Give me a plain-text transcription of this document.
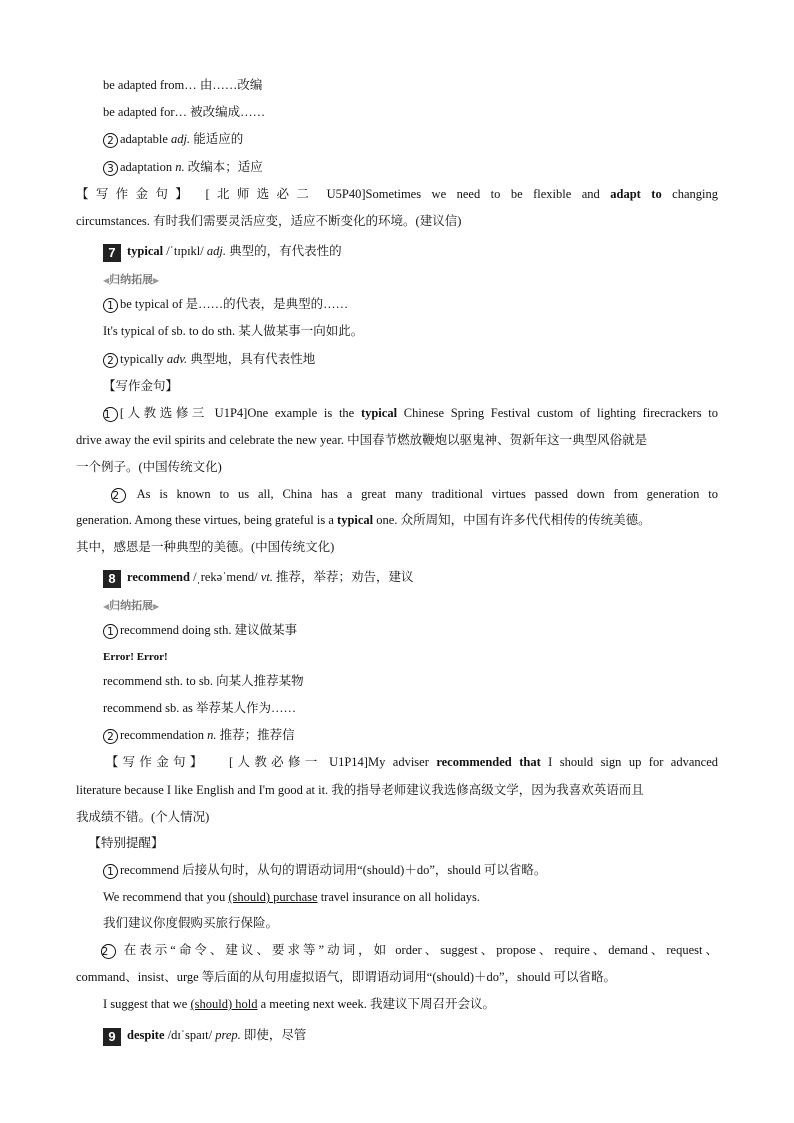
be adapted from… 由……改编
be adapted for… 被改编成……
2 adaptable adj. 能适应的
3 adaptation n. 改编本；适应
【写作金句】 [北师选必二 U5P40]Sometimes we need to be flexible and adapt to changing
circumstances. 有时我们需要灵活应变，适应不断变化的环境。(建议信)
7 typical /ˈtɪpɪkl/ adj. 典型的，有代表性的
◀归纳拓展▶
1 be typical of 是……的代表，是典型的……
It's typical of sb. to do sth. 某人做某事一向如此。
2 typically adv. 典型地，具有代表性地
【写作金句】
1 [人教选修三 U1P4]One example is the typical Chinese Spring Festival custom of lighting firecrackers to
drive away the evil spirits and celebrate the new year. 中国春节燃放鞭炮以驱鬼神、贺新年这一典型风俗就是
一个例子。(中国传统文化)
2 As is known to us all, China has a great many traditional virtues passed down from generation to
generation. Among these virtues, being grateful is a typical one. 众所周知，中国有许多代代相传的传统美德。
其中，感恩是一种典型的美德。(中国传统文化)
8 recommend /ˌrekəˈmend/ vt. 推荐，举荐；劝告，建议
◀归纳拓展▶
1 recommend doing sth. 建议做某事
Error! Error!
recommend sth. to sb. 向某人推荐某物
recommend sb. as 举荐某人作为……
2 recommendation n. 推荐；推荐信
【写作金句】 [人教必修一 U1P14]My adviser recommended that I should sign up for advanced
literature because I like English and I'm good at it. 我的指导老师建议我选修高级文学，因为我喜欢英语而且
我成绩不错。(个人情况)
【特别提醒】
1 recommend 后接从句时，从句的谓语动词用“(should)＋do”，should 可以省略。
We recommend that you (should) purchase travel insurance on all holidays.
我们建议你度假购买旅行保险。
2 在表示“命令、建议、要求等”动词，如 order、suggest、propose、require、demand、request、
command、insist、urge 等后面的从句用虚拟语气，即谓语动词用“(should)＋do”，should 可以省略。
I suggest that we (should) hold a meeting next week. 我建议下周召开会议。
9 despite /dɪˈspaɪt/ prep. 即使，尽管
